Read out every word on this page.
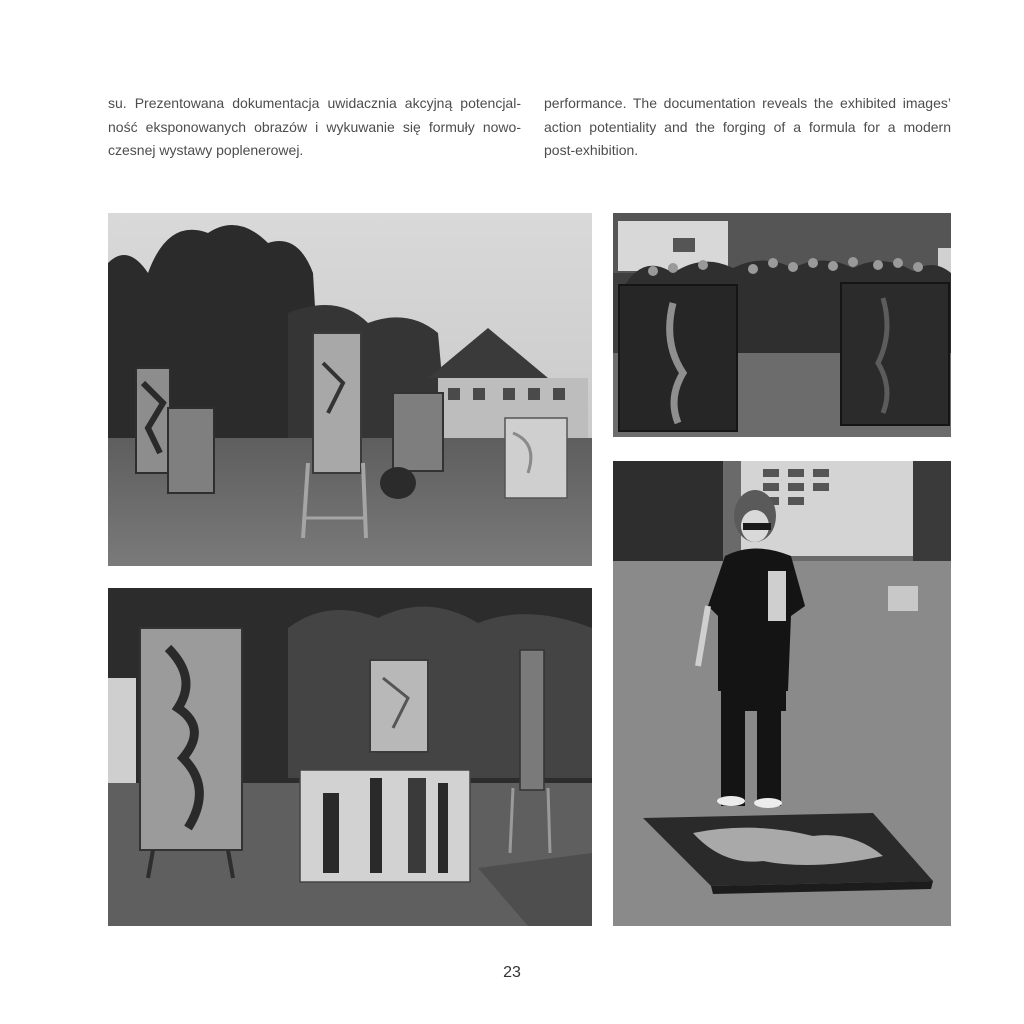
su. Prezentowana dokumentacja uwidacznia akcyjną potencjal-
ność eksponowanych obrazów i wykuwanie się formuły nowo-
czesnej wystawy poplenerowej.
performance. The documentation reveals the exhibited images’
action potentiality and the forging of a formula for a modern
post-exhibition.
23
